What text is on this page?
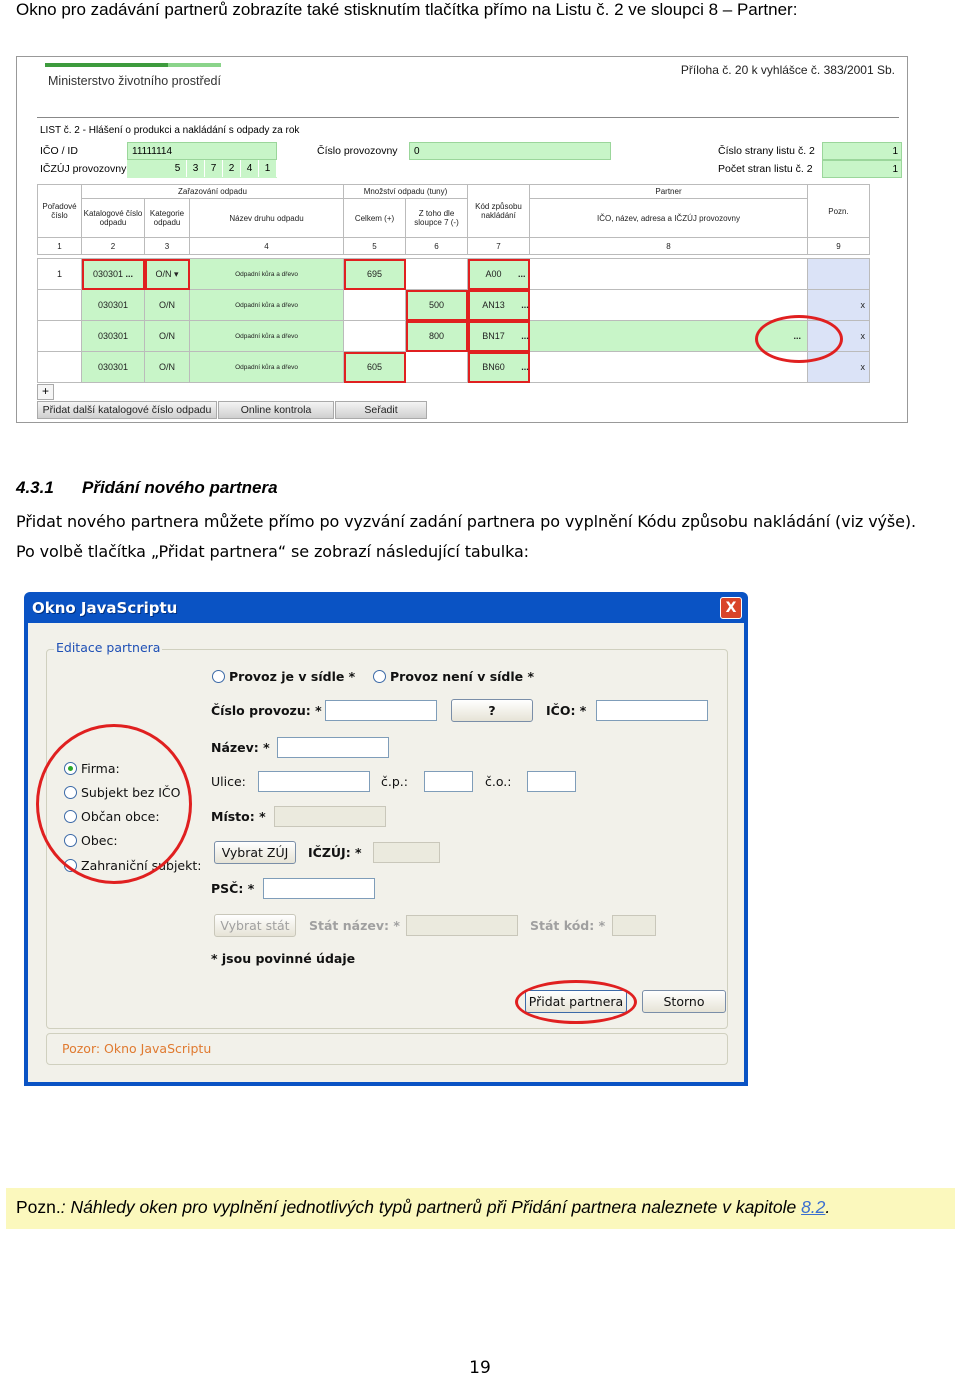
Okno pro zadávání partnerů zobrazíte také stisknutím tlačítka přímo na Listu č. 2 ve sloupci 8 – Partner:
Ministerstvo životního prostředí
Příloha č. 20 k vyhlášce č. 383/2001 Sb.
LIST č. 2 - Hlášení o produkci a nakládání s odpady za rok
IČO / ID	11111114
IČZÚJ provozovny	5	3	7	2	4	1
Číslo provozovny	0	Číslo strany listu č. 2	1
Počet stran listu č. 2	1
Pořadové číslo	Zařazování odpadu			Množství odpadu (tuny)		Kód způsobu nakládání	Partner	Pozn.
	Katalogové číslo odpadu	Kategorie odpadu	Název druhu odpadu	Celkem (+)	Z toho dle sloupce 7 (-)		IČO, název, adresa a IČZÚJ provozovny	
1	2	3	4	5	6	7	8	9

1	030301 ...	O/N ▾	Odpadní kůra a dřevo	695		A00 ...		
	030301	O/N	Odpadní kůra a dřevo		500	AN13 ...		x
	030301	O/N	Odpadní kůra a dřevo		800	BN17 ...	...	x
	030301	O/N	Odpadní kůra a dřevo	605		BN60 ...		x
+
Přidat další katalogové číslo odpadu	Online kontrola	Seřadit
4.3.1 Přidání nového partnera
Přidat nového partnera můžete přímo po vyzvání zadání partnera po vyplnění Kódu způsobu nakládání (viz výše).
Po volbě tlačítka „Přidat partnera“ se zobrazí následující tabulka:
Okno JavaScriptu	X
Editace partnera
Provoz je v sídle *	Provoz není v sídle *
Číslo provozu: *	?	IČO: *
Firma:
Subjekt bez IČO
Občan obce:
Obec:
Zahraniční subjekt:
Název: *
Ulice:	č.p.:	č.o.:
Místo: *
Vybrat ZÚJ	IČZÚJ: *
PSČ: *
Vybrat stát	Stát název: *	Stát kód: *
* jsou povinné údaje
Přidat partnera	Storno
Pozor: Okno JavaScriptu
Pozn.: Náhledy oken pro vyplnění jednotlivých typů partnerů při Přidání partnera naleznete v kapitole 8.2.
19
